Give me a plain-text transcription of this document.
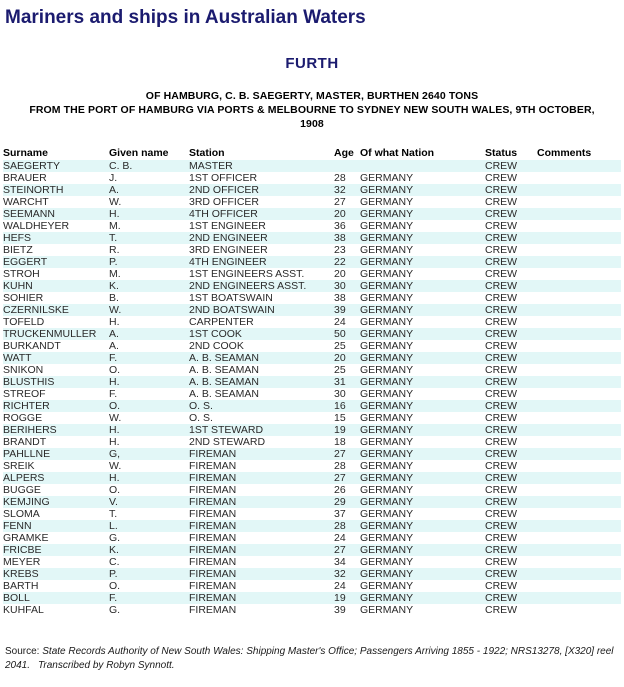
Mariners and ships in Australian Waters
FURTH
OF HAMBURG, C. B. SAEGERTY, MASTER, BURTHEN 2640 TONS
FROM THE PORT OF HAMBURG VIA PORTS & MELBOURNE TO SYDNEY NEW SOUTH WALES, 9TH OCTOBER, 1908
Surname	Given name	Station	Age	Of what Nation	Status	Comments
SAEGERTY	C. B.	MASTER			CREW	
BRAUER	J.	1ST OFFICER	28	GERMANY	CREW	
STEINORTH	A.	2ND OFFICER	32	GERMANY	CREW	
WARCHT	W.	3RD OFFICER	27	GERMANY	CREW	
SEEMANN	H.	4TH OFFICER	20	GERMANY	CREW	
WALDHEYER	M.	1ST ENGINEER	36	GERMANY	CREW	
HEFS	T.	2ND ENGINEER	38	GERMANY	CREW	
BIETZ	R.	3RD ENGINEER	23	GERMANY	CREW	
EGGERT	P.	4TH ENGINEER	22	GERMANY	CREW	
STROH	M.	1ST ENGINEERS ASST.	20	GERMANY	CREW	
KUHN	K.	2ND ENGINEERS ASST.	30	GERMANY	CREW	
SOHIER	B.	1ST BOATSWAIN	38	GERMANY	CREW	
CZERNILSKE	W.	2ND BOATSWAIN	39	GERMANY	CREW	
TOFELD	H.	CARPENTER	24	GERMANY	CREW	
TRUCKENMULLER	A.	1ST COOK	50	GERMANY	CREW	
BURKANDT	A.	2ND COOK	25	GERMANY	CREW	
WATT	F.	A. B. SEAMAN	20	GERMANY	CREW	
SNIKON	O.	A. B. SEAMAN	25	GERMANY	CREW	
BLUSTHIS	H.	A. B. SEAMAN	31	GERMANY	CREW	
STREOF	F.	A. B. SEAMAN	30	GERMANY	CREW	
RICHTER	O.	O. S.	16	GERMANY	CREW	
ROGGE	W.	O. S.	15	GERMANY	CREW	
BERIHERS	H.	1ST STEWARD	19	GERMANY	CREW	
BRANDT	H.	2ND STEWARD	18	GERMANY	CREW	
PAHLLNE	G,	FIREMAN	27	GERMANY	CREW	
SREIK	W.	FIREMAN	28	GERMANY	CREW	
ALPERS	H.	FIREMAN	27	GERMANY	CREW	
BUGGE	O.	FIREMAN	26	GERMANY	CREW	
KEMJING	V.	FIREMAN	29	GERMANY	CREW	
SLOMA	T.	FIREMAN	37	GERMANY	CREW	
FENN	L.	FIREMAN	28	GERMANY	CREW	
GRAMKE	G.	FIREMAN	24	GERMANY	CREW	
FRICBE	K.	FIREMAN	27	GERMANY	CREW	
MEYER	C.	FIREMAN	34	GERMANY	CREW	
KREBS	P.	FIREMAN	32	GERMANY	CREW	
BARTH	O.	FIREMAN	24	GERMANY	CREW	
BOLL	F.	FIREMAN	19	GERMANY	CREW	
KUHFAL	G.	FIREMAN	39	GERMANY	CREW	
Source: State Records Authority of New South Wales: Shipping Master's Office; Passengers Arriving 1855 - 1922; NRS13278, [X320] reel 2041. Transcribed by Robyn Synnott.
